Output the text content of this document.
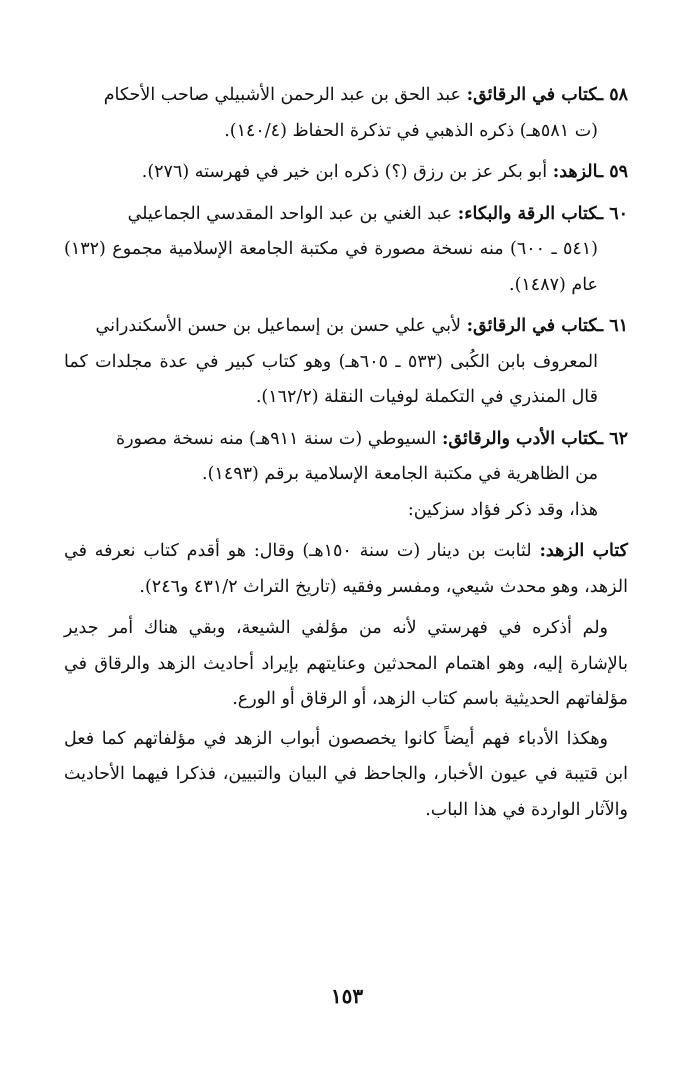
٥٨ ـكتاب في الرقائق: عبد الحق بن عبد الرحمن الأشبيلي صاحب الأحكام
(ت ٥٨١هـ) ذكره الذهبي في تذكرة الحفاظ (١٤٠/٤).

٥٩ ـالزهد: أبو بكر عز بن رزق (؟) ذكره ابن خير في فهرسته (٢٧٦).

٦٠ ـكتاب الرقة والبكاء: عبد الغني بن عبد الواحد المقدسي الجماعيلي
(٥٤١ ـ ٦٠٠) منه نسخة مصورة في مكتبة الجامعة الإسلامية مجموع (١٣٢) عام (١٤٨٧).

٦١ ـكتاب في الرقائق: لأبي علي حسن بن إسماعيل بن حسن الأسكندراني
المعروف بابن الكُبى (٥٣٣ ـ ٦٠٥هـ) وهو كتاب كبير في عدة مجلدات كما قال المنذري في التكملة لوفيات النقلة (١٦٢/٢).

٦٢ ـكتاب الأدب والرقائق: السيوطي (ت سنة ٩١١هـ) منه نسخة مصورة
من الظاهرية في مكتبة الجامعة الإسلامية برقم (١٤٩٣).
هذا، وقد ذكر فؤاد سزكين:

كتاب الزهد: لثابت بن دينار (ت سنة ١٥٠هـ) وقال: هو أقدم كتاب نعرفه في الزهد، وهو محدث شيعي، ومفسر وفقيه (تاريخ التراث ٤٣١/٢ و٢٤٦).

ولم أذكره في فهرستي لأنه من مؤلفي الشيعة، وبقي هناك أمر جدير بالإشارة إليه، وهو اهتمام المحدثين وعنايتهم بإيراد أحاديث الزهد والرقاق في مؤلفاتهم الحديثية باسم كتاب الزهد، أو الرقاق أو الورع.

وهكذا الأدباء فهم أيضاً كانوا يخصصون أبواب الزهد في مؤلفاتهم كما فعل ابن قتيبة في عيون الأخبار، والجاحظ في البيان والتبيين، فذكرا فيهما الأحاديث والآثار الواردة في هذا الباب.

١٥٣
